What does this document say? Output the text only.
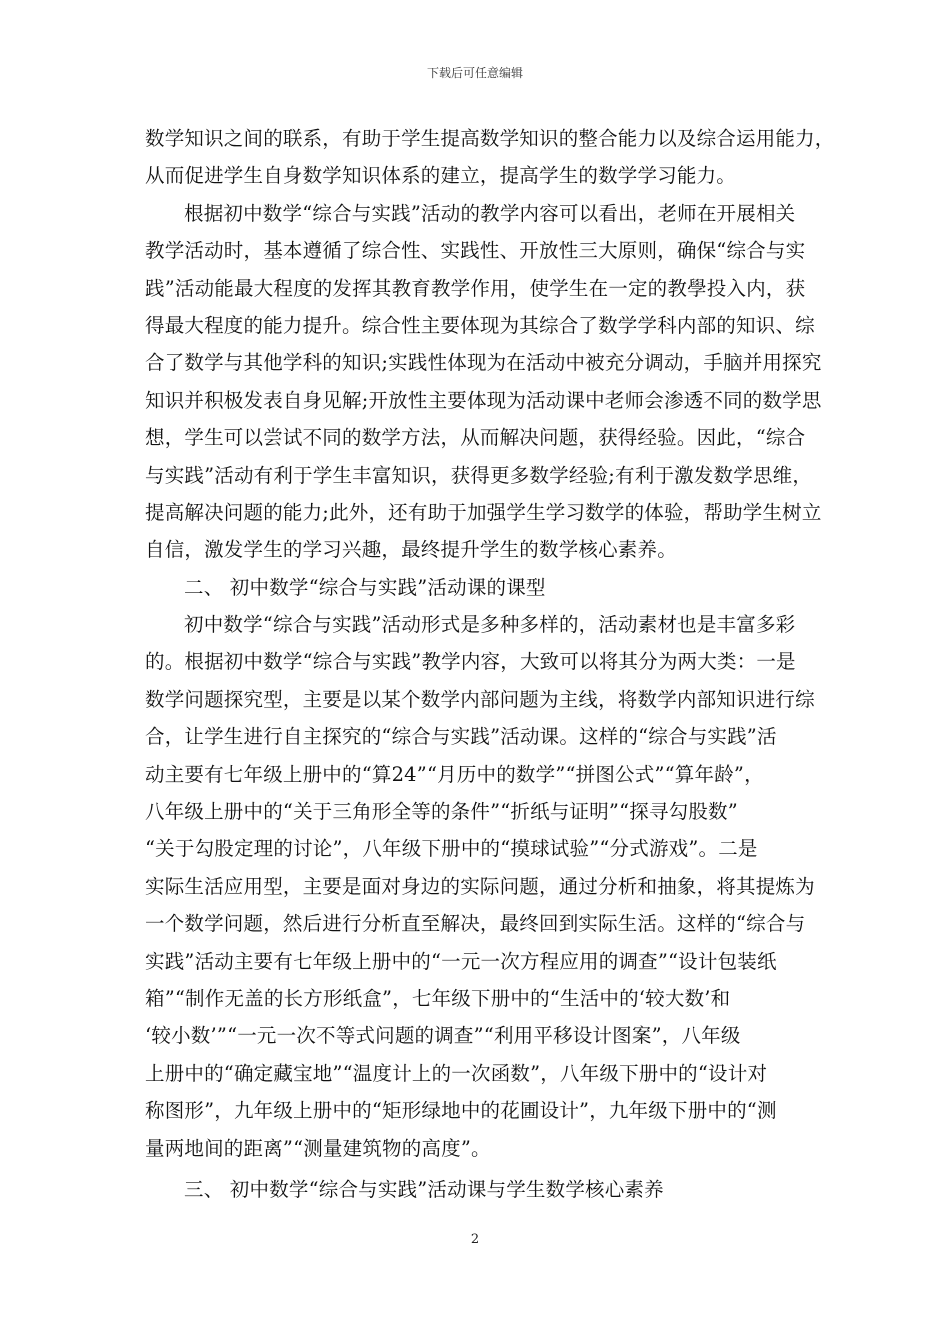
下载后可任意编辑
数学知识之间的联系，有助于学生提高数学知识的整合能力以及综合运用能力，
从而促进学生自身数学知识体系的建立，提高学生的数学学习能力。
根据初中数学“综合与实践”活动的教学内容可以看出，老师在开展相关
教学活动时，基本遵循了综合性、实践性、开放性三大原则，确保“综合与实
践”活动能最大程度的发挥其教育教学作用，使学生在一定的教學投入内，获
得最大程度的能力提升。综合性主要体现为其综合了数学学科内部的知识、综
合了数学与其他学科的知识;实践性体现为在活动中被充分调动，手脑并用探究
知识并积极发表自身见解;开放性主要体现为活动课中老师会渗透不同的数学思
想，学生可以尝试不同的数学方法，从而解决问题，获得经验。因此，“综合
与实践”活动有利于学生丰富知识，获得更多数学经验;有利于激发数学思维，
提高解决问题的能力;此外，还有助于加强学生学习数学的体验，帮助学生树立
自信，激发学生的学习兴趣，最终提升学生的数学核心素养。
二、 初中数学“综合与实践”活动课的课型
初中数学“综合与实践”活动形式是多种多样的，活动素材也是丰富多彩
的。根据初中数学“综合与实践”教学内容，大致可以将其分为两大类：一是
数学问题探究型，主要是以某个数学内部问题为主线，将数学内部知识进行综
合，让学生进行自主探究的“综合与实践”活动课。这样的“综合与实践”活
动主要有七年级上册中的“算24”“月历中的数学”“拼图公式”“算年龄”，
八年级上册中的“关于三角形全等的条件”“折纸与证明”“探寻勾股数”
“关于勾股定理的讨论”，八年级下册中的“摸球试验”“分式游戏”。二是
实际生活应用型，主要是面对身边的实际问题，通过分析和抽象，将其提炼为
一个数学问题，然后进行分析直至解决，最终回到实际生活。这样的“综合与
实践”活动主要有七年级上册中的“一元一次方程应用的调查”“设计包装纸
箱”“制作无盖的长方形纸盒”，七年级下册中的“生活中的‘较大数’和
‘较小数’”“一元一次不等式问题的调查”“利用平移设计图案”，八年级
上册中的“确定藏宝地”“温度计上的一次函数”，八年级下册中的“设计对
称图形”，九年级上册中的“矩形绿地中的花圃设计”，九年级下册中的“测
量两地间的距离”“测量建筑物的高度”。
三、 初中数学“综合与实践”活动课与学生数学核心素养
2
